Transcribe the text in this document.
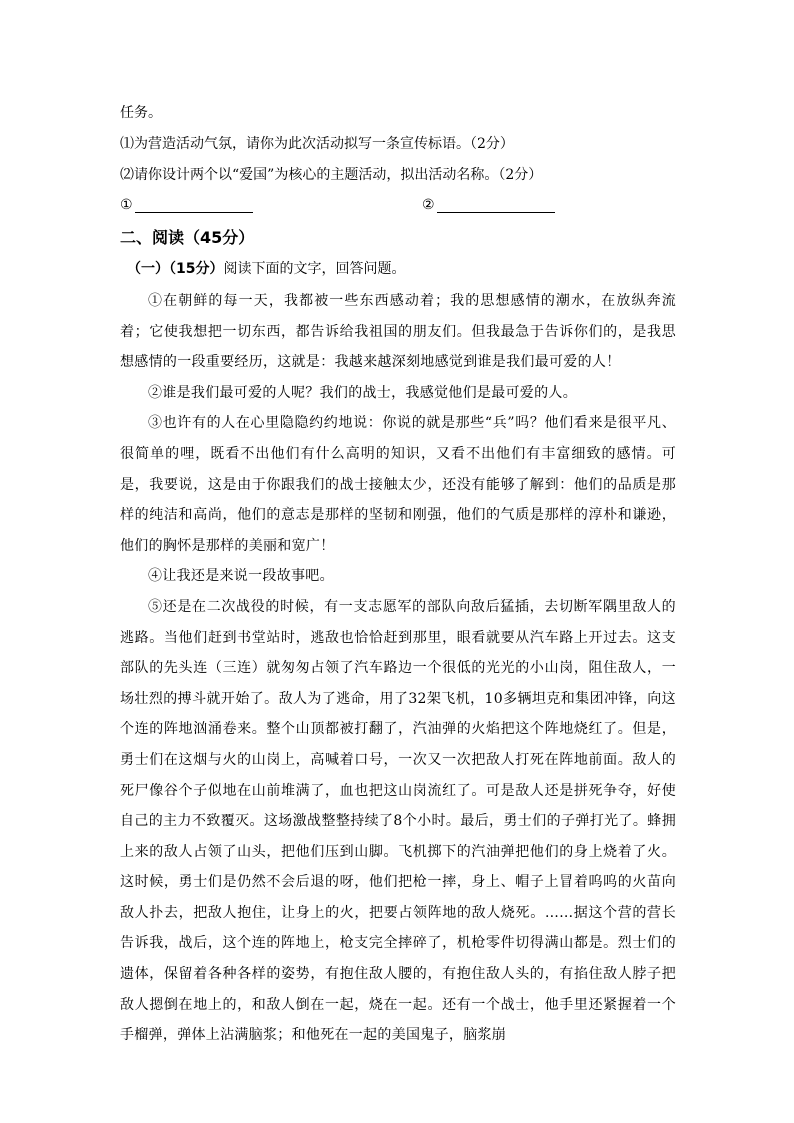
任务。
⑴为营造活动气氛，请你为此次活动拟写一条宣传标语。（2分）
⑵请你设计两个以“爱国”为核心的主题活动，拟出活动名称。（2分）
①	②
二、阅读（45分）
（一）（15分）阅读下面的文字，回答问题。

①在朝鲜的每一天，我都被一些东西感动着；我的思想感情的潮水，在放纵奔流着；它使我想把一切东西，都告诉给我祖国的朋友们。但我最急于告诉你们的，是我思想感情的一段重要经历，这就是：我越来越深刻地感觉到谁是我们最可爱的人！

②谁是我们最可爱的人呢？我们的战士，我感觉他们是最可爱的人。

③也许有的人在心里隐隐约约地说：你说的就是那些“兵”吗？他们看来是很平凡、很简单的哩，既看不出他们有什么高明的知识，又看不出他们有丰富细致的感情。可是，我要说，这是由于你跟我们的战士接触太少，还没有能够了解到：他们的品质是那样的纯洁和高尚，他们的意志是那样的坚韧和刚强，他们的气质是那样的淳朴和谦逊，他们的胸怀是那样的美丽和宽广！

④让我还是来说一段故事吧。

⑤还是在二次战役的时候，有一支志愿军的部队向敌后猛插，去切断军隅里敌人的逃路。当他们赶到书堂站时，逃敌也恰恰赶到那里，眼看就要从汽车路上开过去。这支部队的先头连（三连）就匆匆占领了汽车路边一个很低的光光的小山岗，阻住敌人，一场壮烈的搏斗就开始了。敌人为了逃命，用了32架飞机，10多辆坦克和集团冲锋，向这个连的阵地汹涌卷来。整个山顶都被打翻了，汽油弹的火焰把这个阵地烧红了。但是，勇士们在这烟与火的山岗上，高喊着口号，一次又一次把敌人打死在阵地前面。敌人的死尸像谷个子似地在山前堆满了，血也把这山岗流红了。可是敌人还是拼死争夺，好使自己的主力不致覆灭。这场激战整整持续了8个小时。最后，勇士们的子弹打光了。蜂拥上来的敌人占领了山头，把他们压到山脚。飞机掷下的汽油弹把他们的身上烧着了火。这时候，勇士们是仍然不会后退的呀，他们把枪一摔，身上、帽子上冒着呜呜的火苗向敌人扑去，把敌人抱住，让身上的火，把要占领阵地的敌人烧死。……据这个营的营长告诉我，战后，这个连的阵地上，枪支完全摔碎了，机枪零件切得满山都是。烈士们的遗体，保留着各种各样的姿势，有抱住敌人腰的，有抱住敌人头的，有掐住敌人脖子把敌人摁倒在地上的，和敌人倒在一起，烧在一起。还有一个战士，他手里还紧握着一个手榴弹，弹体上沾满脑浆；和他死在一起的美国鬼子，脑浆崩
